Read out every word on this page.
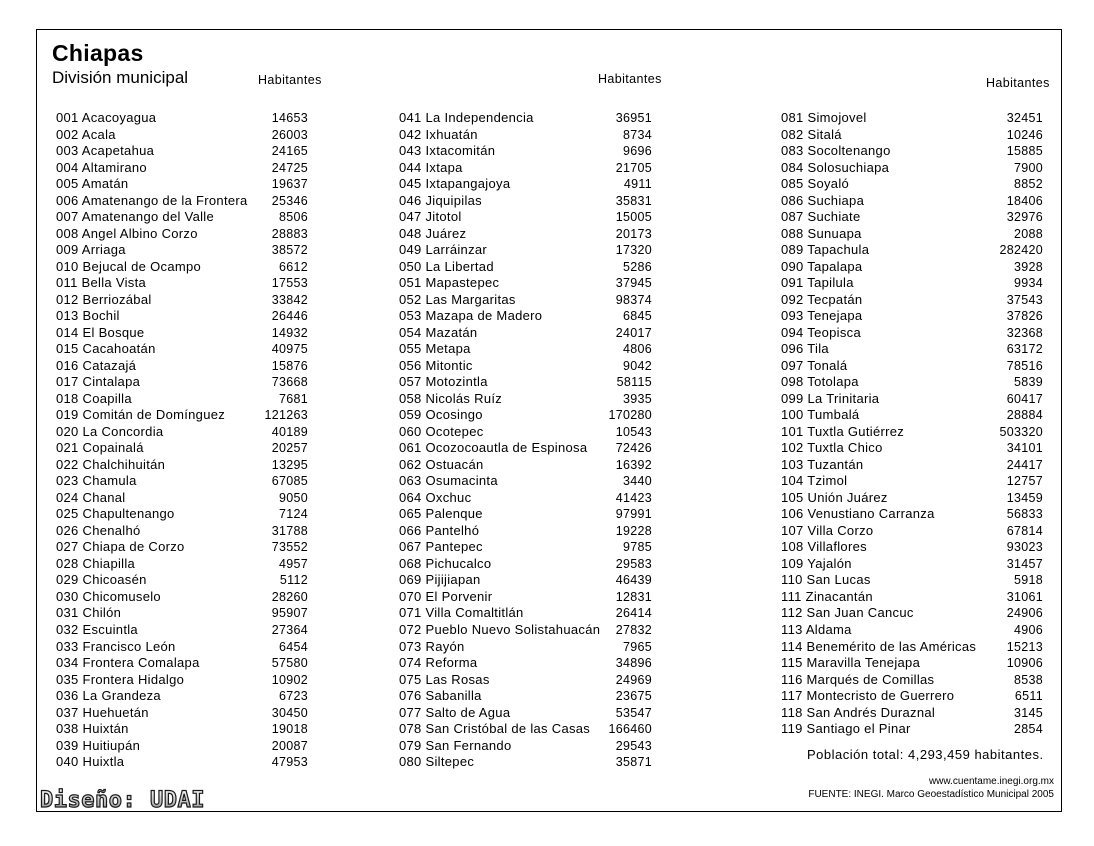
Chiapas
División municipal	Habitantes	Habitantes	Habitantes
001 Acacoyagua	14653
002 Acala	26003
003 Acapetahua	24165
004 Altamirano	24725
005 Amatán	19637
006 Amatenango de la Frontera 25346
007 Amatenango del Valle	8506
008 Angel Albino Corzo	28883
009 Arriaga	38572
010 Bejucal de Ocampo	6612
011 Bella Vista	17553
012 Berriozábal	33842
013 Bochil	26446
014 El Bosque	14932
015 Cacahoatán	40975
016 Catazajá	15876
017 Cintalapa	73668
018 Coapilla	7681
019 Comitán de Domínguez	121263
020 La Concordia	40189
021 Copainalá	20257
022 Chalchihuitán	13295
023 Chamula	67085
024 Chanal	9050
025 Chapultenango	7124
026 Chenalhó	31788
027 Chiapa de Corzo	73552
028 Chiapilla	4957
029 Chicoasén	5112
030 Chicomuselo	28260
031 Chilón	95907
032 Escuintla	27364
033 Francisco León	6454
034 Frontera Comalapa	57580
035 Frontera Hidalgo	10902
036 La Grandeza	6723
037 Huehuetán	30450
038 Huixtán	19018
039 Huitiupán	20087
040 Huixtla	47953
041 La Independencia	36951
042 Ixhuatán	8734
043 Ixtacomitán	9696
044 Ixtapa	21705
045 Ixtapangajoya	4911
046 Jiquipilas	35831
047 Jitotol	15005
048 Juárez	20173
049 Larráinzar	17320
050 La Libertad	5286
051 Mapastepec	37945
052 Las Margaritas	98374
053 Mazapa de Madero	6845
054 Mazatán	24017
055 Metapa	4806
056 Mitontic	9042
057 Motozintla	58115
058 Nicolás Ruíz	3935
059 Ocosingo	170280
060 Ocotepec	10543
061 Ocozocoautla de Espinosa 72426
062 Ostuacán	16392
063 Osumacinta	3440
064 Oxchuc	41423
065 Palenque	97991
066 Pantelhó	19228
067 Pantepec	9785
068 Pichucalco	29583
069 Pijijiapan	46439
070 El Porvenir	12831
071 Villa Comaltitlán	26414
072 Pueblo Nuevo Solistahuacán 27832
073 Rayón	7965
074 Reforma	34896
075 Las Rosas	24969
076 Sabanilla	23675
077 Salto de Agua	53547
078 San Cristóbal de las Casas 166460
079 San Fernando	29543
080 Siltepec	35871
081 Simojovel	32451
082 Sitalá	10246
083 Socoltenango	15885
084 Solosuchiapa	7900
085 Soyaló	8852
086 Suchiapa	18406
087 Suchiate	32976
088 Sunuapa	2088
089 Tapachula	282420
090 Tapalapa	3928
091 Tapilula	9934
092 Tecpatán	37543
093 Tenejapa	37826
094 Teopisca	32368
096 Tila	63172
097 Tonalá	78516
098 Totolapa	5839
099 La Trinitaria	60417
100 Tumbalá	28884
101 Tuxtla Gutiérrez	503320
102 Tuxtla Chico	34101
103 Tuzantán	24417
104 Tzimol	12757
105 Unión Juárez	13459
106 Venustiano Carranza	56833
107 Villa Corzo	67814
108 Villaflores	93023
109 Yajalón	31457
110 San Lucas	5918
111 Zinacantán	31061
112 San Juan Cancuc	24906
113 Aldama	4906
114 Benemérito de las Américas 15213
115 Maravilla Tenejapa	10906
116 Marqués de Comillas	8538
117 Montecristo de Guerrero	6511
118 San Andrés Duraznal	3145
119 Santiago el Pinar	2854
Población total: 4,293,459 habitantes.
www.cuentame.inegi.org.mx
FUENTE: INEGI. Marco Geoestadístico Municipal 2005
Diseño: UDAI
